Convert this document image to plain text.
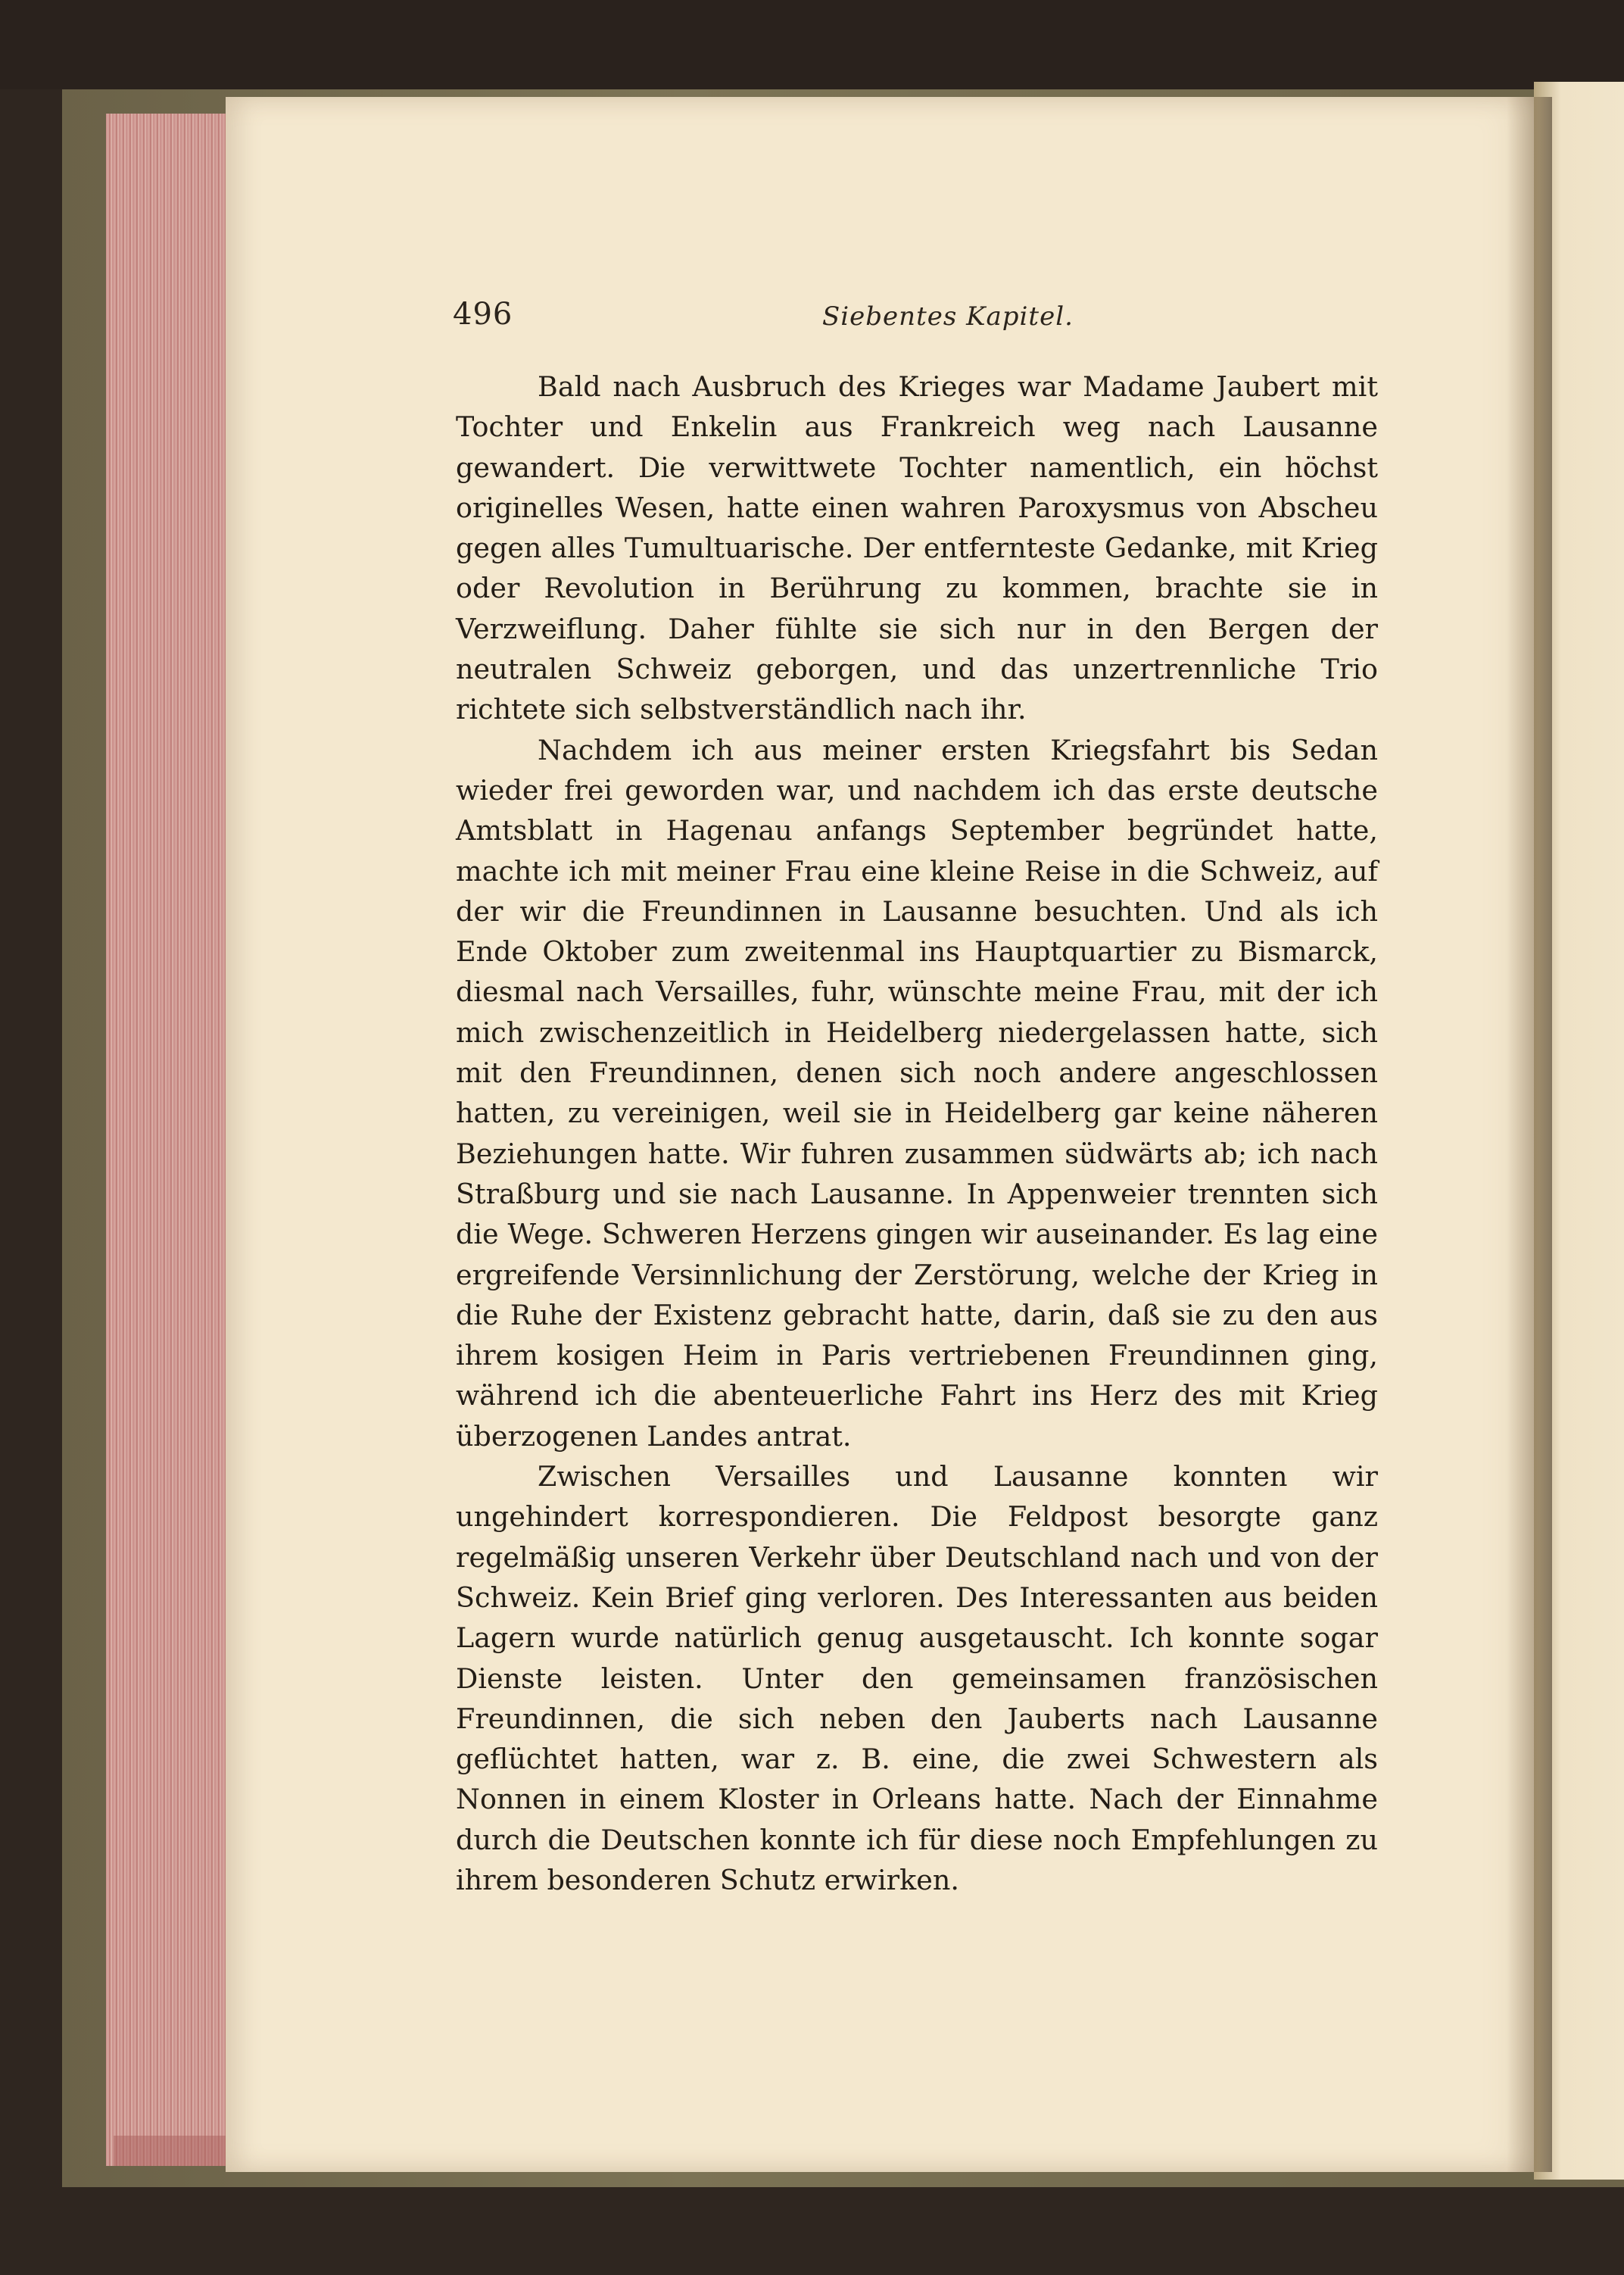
496	Siebentes Kapitel.

Bald nach Ausbruch des Krieges war Madame Jaubert mit Tochter und Enkelin aus Frankreich weg nach Lausanne gewandert. Die verwittwete Tochter namentlich, ein höchst originelles Wesen, hatte einen wahren Paroxysmus von Abscheu gegen alles Tumultuarische. Der entfernteste Gedanke, mit Krieg oder Revolution in Berührung zu kommen, brachte sie in Verzweiflung. Daher fühlte sie sich nur in den Bergen der neutralen Schweiz geborgen, und das unzertrennliche Trio richtete sich selbstverständlich nach ihr.

Nachdem ich aus meiner ersten Kriegsfahrt bis Sedan wieder frei geworden war, und nachdem ich das erste deutsche Amtsblatt in Hagenau anfangs September begründet hatte, machte ich mit meiner Frau eine kleine Reise in die Schweiz, auf der wir die Freundinnen in Lausanne besuchten. Und als ich Ende Oktober zum zweitenmal ins Hauptquartier zu Bismarck, diesmal nach Versailles, fuhr, wünschte meine Frau, mit der ich mich zwischenzeitlich in Heidelberg niedergelassen hatte, sich mit den Freundinnen, denen sich noch andere angeschlossen hatten, zu vereinigen, weil sie in Heidelberg gar keine näheren Beziehungen hatte. Wir fuhren zusammen südwärts ab; ich nach Straßburg und sie nach Lausanne. In Appenweier trennten sich die Wege. Schweren Herzens gingen wir auseinander. Es lag eine ergreifende Versinnlichung der Zerstörung, welche der Krieg in die Ruhe der Existenz gebracht hatte, darin, daß sie zu den aus ihrem kosigen Heim in Paris vertriebenen Freundinnen ging, während ich die abenteuerliche Fahrt ins Herz des mit Krieg überzogenen Landes antrat.

Zwischen Versailles und Lausanne konnten wir ungehindert korrespondieren. Die Feldpost besorgte ganz regelmäßig unseren Verkehr über Deutschland nach und von der Schweiz. Kein Brief ging verloren. Des Interessanten aus beiden Lagern wurde natürlich genug ausgetauscht. Ich konnte sogar Dienste leisten. Unter den gemeinsamen französischen Freundinnen, die sich neben den Jauberts nach Lausanne geflüchtet hatten, war z. B. eine, die zwei Schwestern als Nonnen in einem Kloster in Orleans hatte. Nach der Einnahme durch die Deutschen konnte ich für diese noch Empfehlungen zu ihrem besonderen Schutz erwirken.
